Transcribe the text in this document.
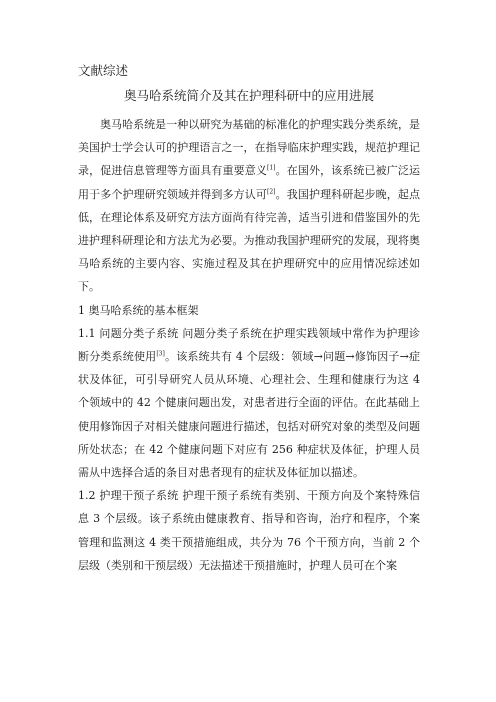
文献综述
奥马哈系统简介及其在护理科研中的应用进展

奥马哈系统是一种以研究为基础的标准化的护理实践分类系统，是美国护士学会认可的护理语言之一，在指导临床护理实践，规范护理记录，促进信息管理等方面具有重要意义[1]。在国外，该系统已被广泛运用于多个护理研究领域并得到多方认可[2]。我国护理科研起步晚，起点低，在理论体系及研究方法方面尚有待完善，适当引进和借鉴国外的先进护理科研理论和方法尤为必要。为推动我国护理研究的发展，现将奥马哈系统的主要内容、实施过程及其在护理研究中的应用情况综述如下。

1 奥马哈系统的基本框架

1.1 问题分类子系统 问题分类子系统在护理实践领域中常作为护理诊断分类系统使用[3]。该系统共有 4 个层级：领域→问题→修饰因子→症状及体征，可引导研究人员从环境、心理社会、生理和健康行为这 4 个领域中的 42 个健康问题出发，对患者进行全面的评估。在此基础上使用修饰因子对相关健康问题进行描述，包括对研究对象的类型及问题所处状态；在 42 个健康问题下对应有 256 种症状及体征，护理人员需从中选择合适的条目对患者现有的症状及体征加以描述。

1.2 护理干预子系统 护理干预子系统有类别、干预方向及个案特殊信息 3 个层级。该子系统由健康教育、指导和咨询，治疗和程序，个案管理和监测这 4 类干预措施组成，共分为 76 个干预方向，当前 2 个层级（类别和干预层级）无法描述干预措施时，护理人员可在个案
